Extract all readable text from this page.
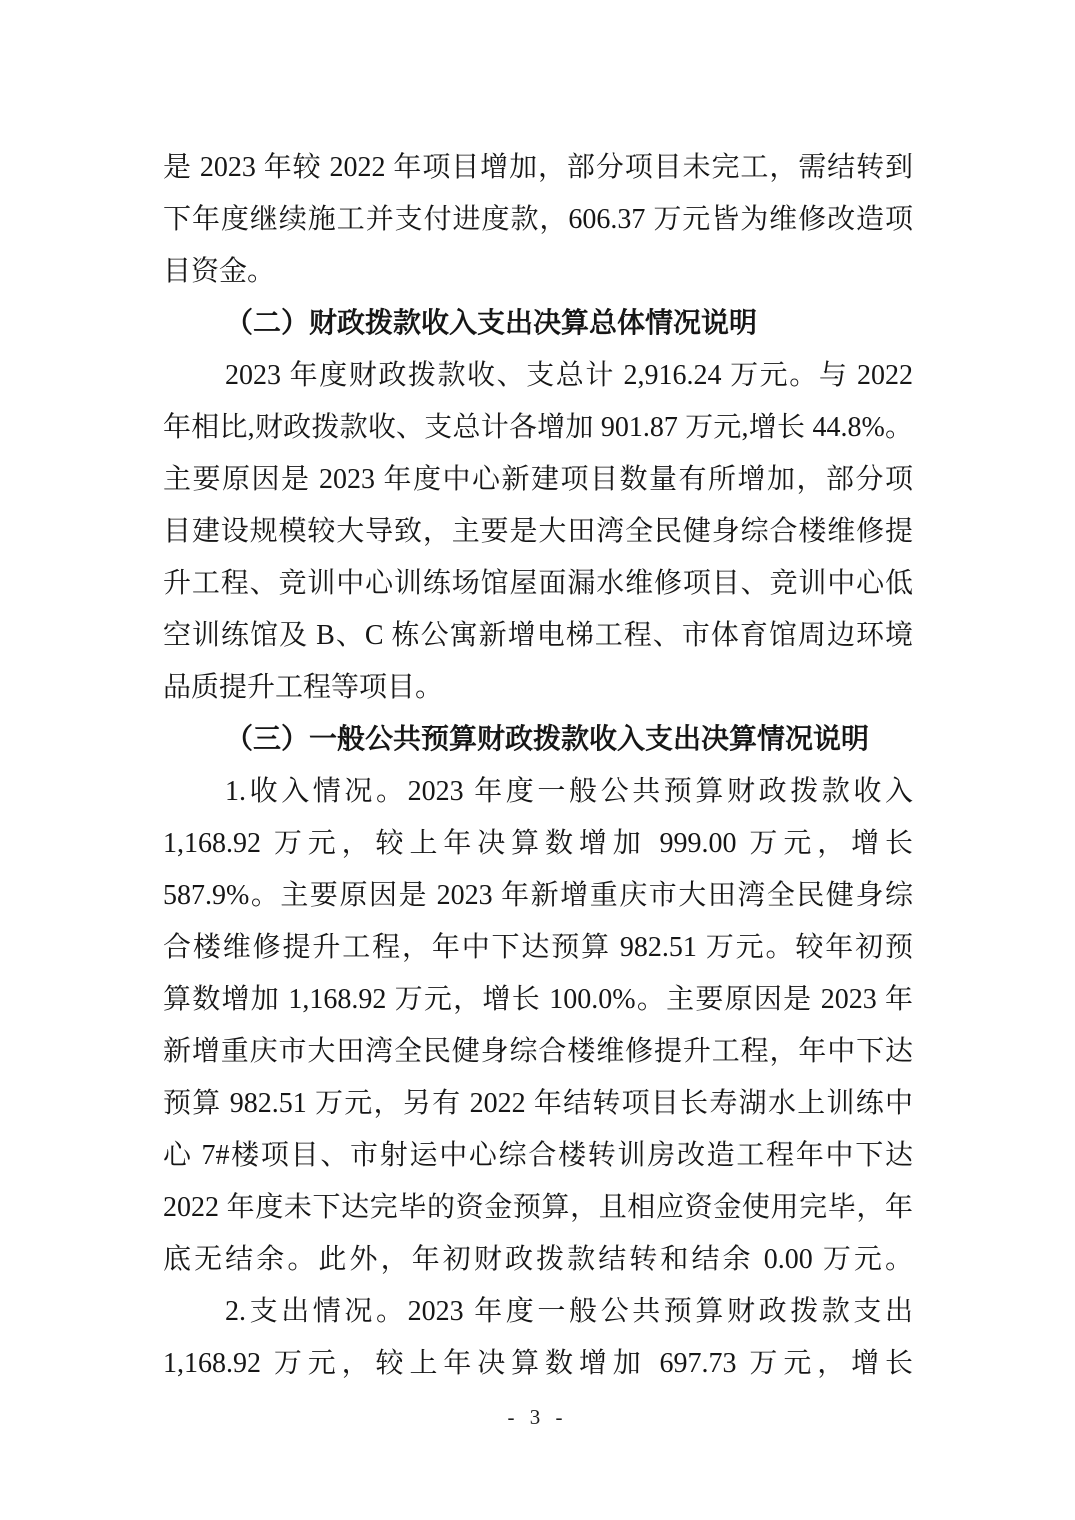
是 2023 年较 2022 年项目增加，部分项目未完工，需结转到
下年度继续施工并支付进度款，606.37 万元皆为维修改造项
目资金。
（二）财政拨款收入支出决算总体情况说明
2023 年度财政拨款收、支总计 2,916.24 万元。与 2022
年相比,财政拨款收、支总计各增加 901.87 万元,增长 44.8%。
主要原因是 2023 年度中心新建项目数量有所增加，部分项
目建设规模较大导致，主要是大田湾全民健身综合楼维修提
升工程、竞训中心训练场馆屋面漏水维修项目、竞训中心低
空训练馆及 B、C 栋公寓新增电梯工程、市体育馆周边环境
品质提升工程等项目。
（三）一般公共预算财政拨款收入支出决算情况说明
1.收入情况。2023 年度一般公共预算财政拨款收入
1,168.92 万元，较上年决算数增加 999.00 万元，增长
587.9%。主要原因是 2023 年新增重庆市大田湾全民健身综
合楼维修提升工程，年中下达预算 982.51 万元。较年初预
算数增加 1,168.92 万元，增长 100.0%。主要原因是 2023 年
新增重庆市大田湾全民健身综合楼维修提升工程，年中下达
预算 982.51 万元，另有 2022 年结转项目长寿湖水上训练中
心 7#楼项目、市射运中心综合楼转训房改造工程年中下达
2022 年度未下达完毕的资金预算，且相应资金使用完毕，年
底无结余。此外，年初财政拨款结转和结余 0.00 万元。
2.支出情况。2023 年度一般公共预算财政拨款支出
1,168.92 万元，较上年决算数增加 697.73 万元，增长
- 3 -
